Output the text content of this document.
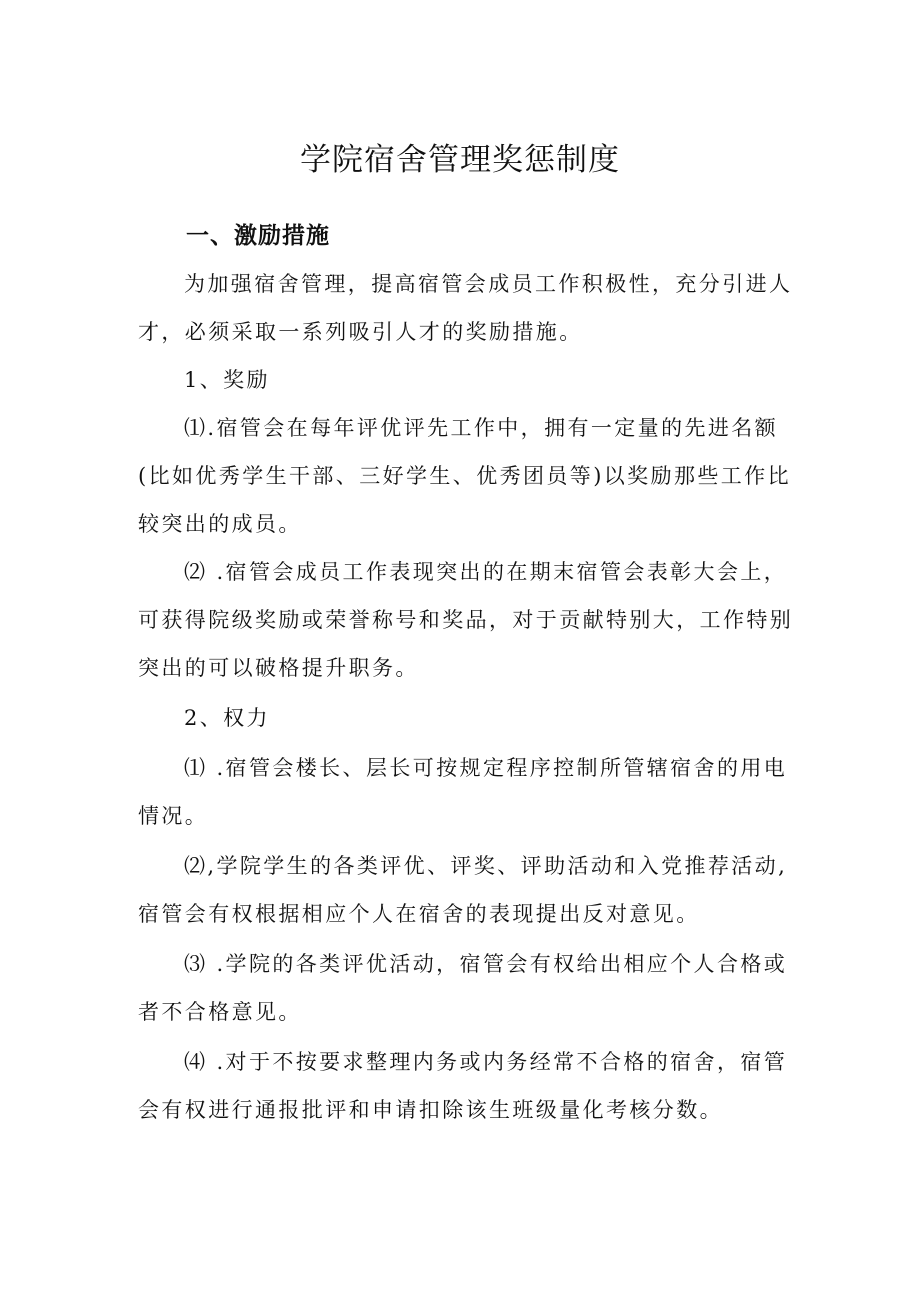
学院宿舍管理奖惩制度
一、激励措施

为加强宿舍管理，提高宿管会成员工作积极性，充分引进人才，必须采取一系列吸引人才的奖励措施。

1、奖励

⑴.宿管会在每年评优评先工作中，拥有一定量的先进名额(比如优秀学生干部、三好学生、优秀团员等)以奖励那些工作比较突出的成员。

⑵ .宿管会成员工作表现突出的在期末宿管会表彰大会上，可获得院级奖励或荣誉称号和奖品，对于贡献特别大，工作特别突出的可以破格提升职务。

2、权力

⑴ .宿管会楼长、层长可按规定程序控制所管辖宿舍的用电情况。

⑵,学院学生的各类评优、评奖、评助活动和入党推荐活动,宿管会有权根据相应个人在宿舍的表现提出反对意见。

⑶ .学院的各类评优活动，宿管会有权给出相应个人合格或者不合格意见。

⑷ .对于不按要求整理内务或内务经常不合格的宿舍，宿管会有权进行通报批评和申请扣除该生班级量化考核分数。
